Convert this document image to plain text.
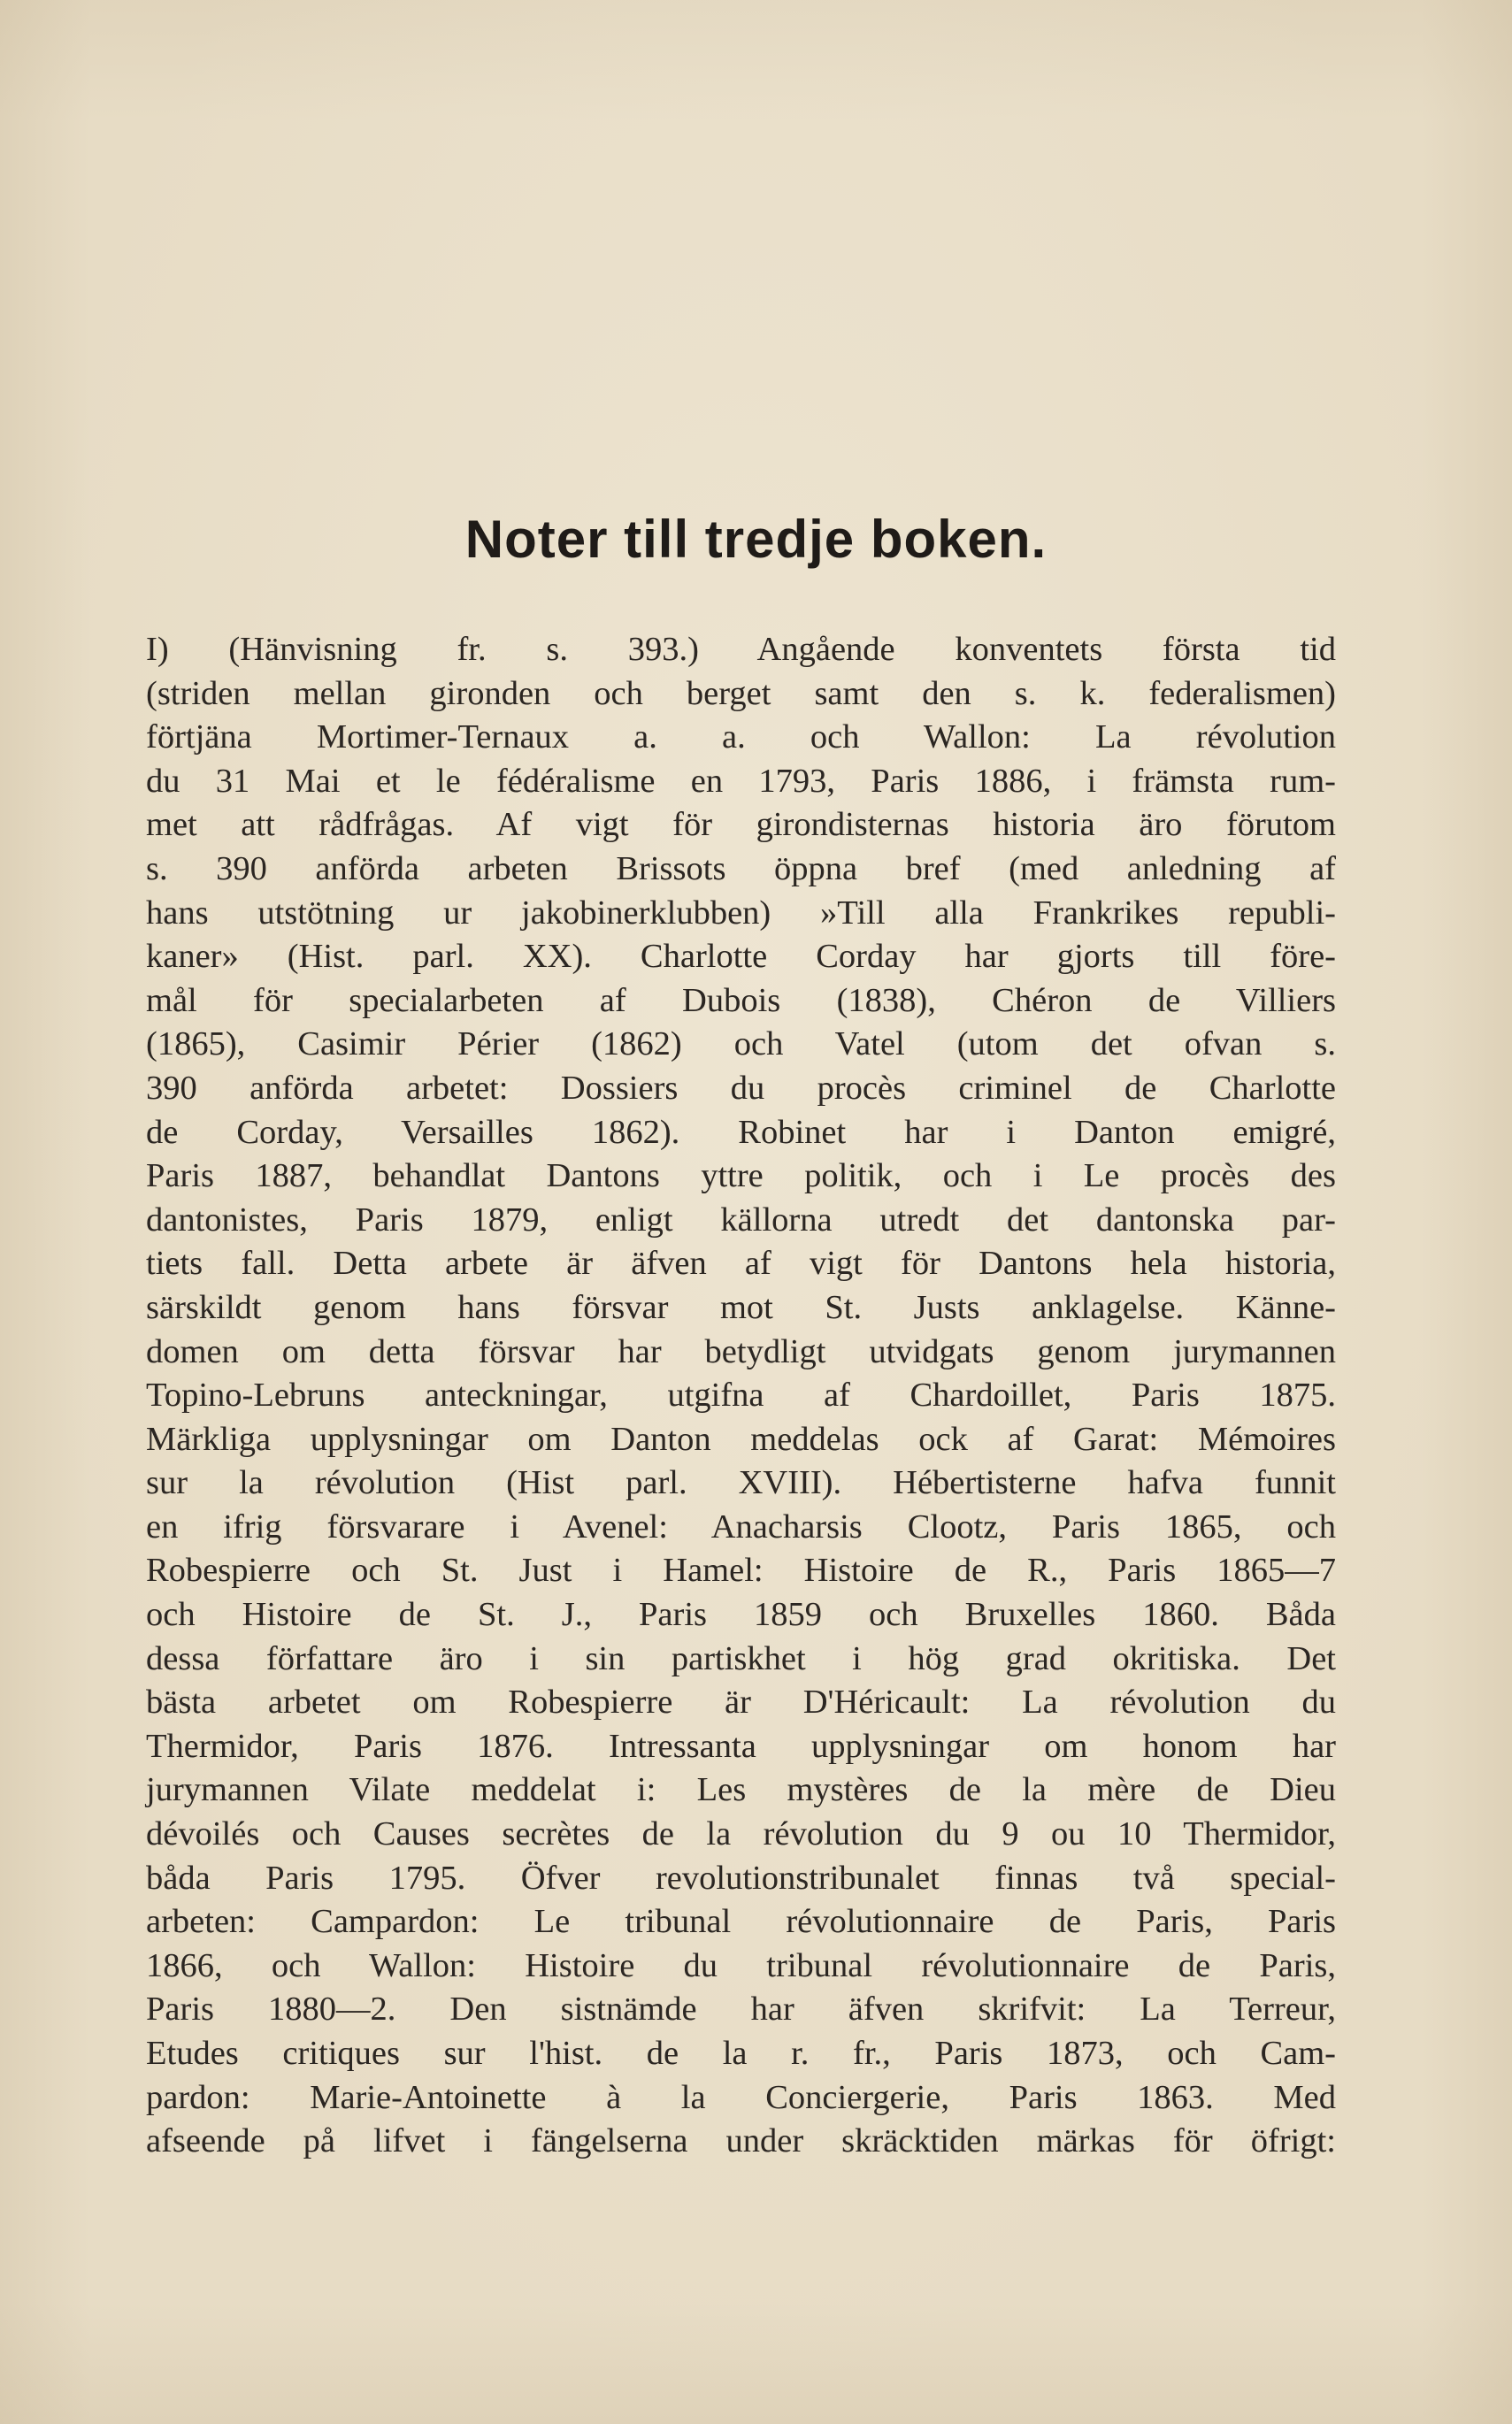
Noter till tredje boken.
I) (Hänvisning fr. s. 393.) Angående konventets första tid
(striden mellan gironden och berget samt den s. k. federalismen)
förtjäna Mortimer-Ternaux a. a. och Wallon: La révolution
du 31 Mai et le fédéralisme en 1793, Paris 1886, i främsta rum-
met att rådfrågas. Af vigt för girondisternas historia äro förutom
s. 390 anförda arbeten Brissots öppna bref (med anledning af
hans utstötning ur jakobinerklubben) »Till alla Frankrikes republi-
kaner» (Hist. parl. XX). Charlotte Corday har gjorts till före-
mål för specialarbeten af Dubois (1838), Chéron de Villiers
(1865), Casimir Périer (1862) och Vatel (utom det ofvan s.
390 anförda arbetet: Dossiers du procès criminel de Charlotte
de Corday, Versailles 1862). Robinet har i Danton emigré,
Paris 1887, behandlat Dantons yttre politik, och i Le procès des
dantonistes, Paris 1879, enligt källorna utredt det dantonska par-
tiets fall. Detta arbete är äfven af vigt för Dantons hela historia,
särskildt genom hans försvar mot St. Justs anklagelse. Känne-
domen om detta försvar har betydligt utvidgats genom jurymannen
Topino-Lebruns anteckningar, utgifna af Chardoillet, Paris 1875.
Märkliga upplysningar om Danton meddelas ock af Garat: Mémoires
sur la révolution (Hist parl. XVIII). Hébertisterne hafva funnit
en ifrig försvarare i Avenel: Anacharsis Clootz, Paris 1865, och
Robespierre och St. Just i Hamel: Histoire de R., Paris 1865—7
och Histoire de St. J., Paris 1859 och Bruxelles 1860. Båda
dessa författare äro i sin partiskhet i hög grad okritiska. Det
bästa arbetet om Robespierre är D'Héricault: La révolution du
Thermidor, Paris 1876. Intressanta upplysningar om honom har
jurymannen Vilate meddelat i: Les mystères de la mère de Dieu
dévoilés och Causes secrètes de la révolution du 9 ou 10 Thermidor,
båda Paris 1795. Öfver revolutionstribunalet finnas två special-
arbeten: Campardon: Le tribunal révolutionnaire de Paris, Paris
1866, och Wallon: Histoire du tribunal révolutionnaire de Paris,
Paris 1880—2. Den sistnämde har äfven skrifvit: La Terreur,
Etudes critiques sur l'hist. de la r. fr., Paris 1873, och Cam-
pardon: Marie-Antoinette à la Conciergerie, Paris 1863. Med
afseende på lifvet i fängelserna under skräcktiden märkas för öfrigt:
